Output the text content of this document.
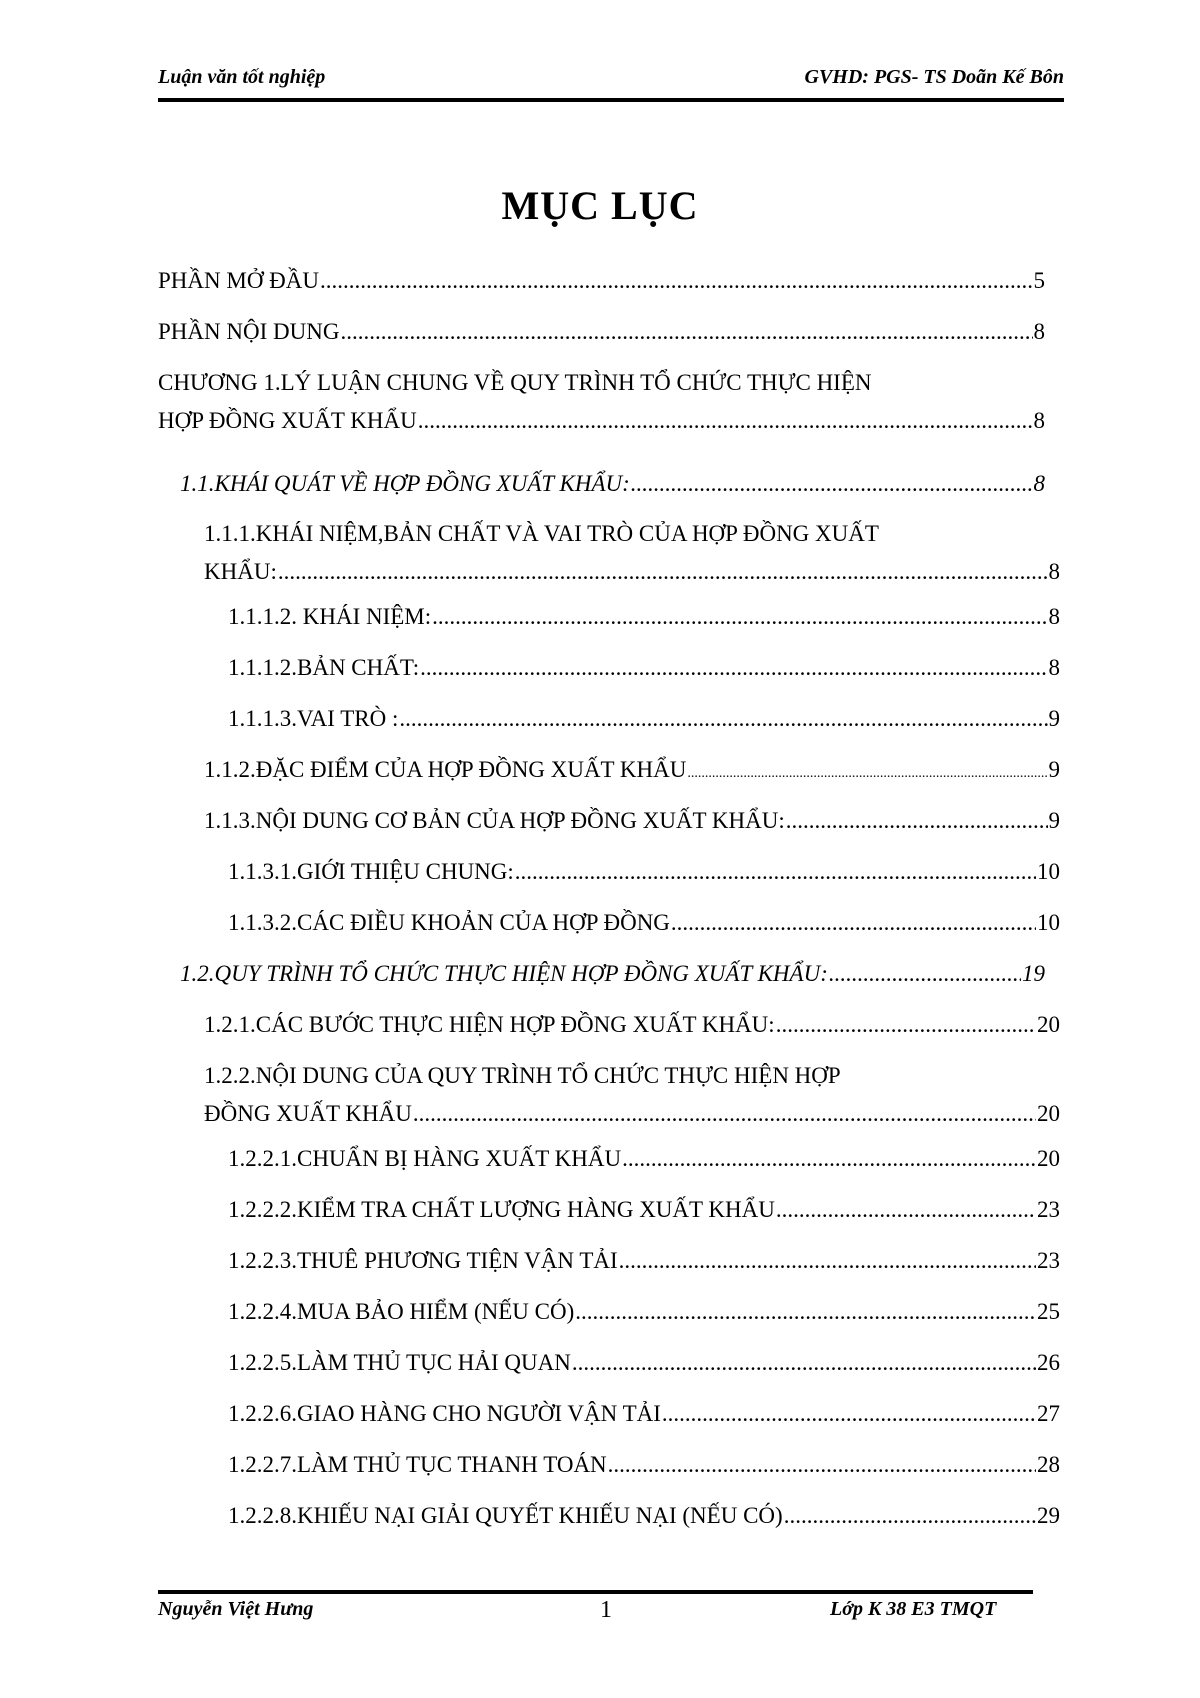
Luận văn tốt nghiệp	GVHD: PGS- TS Doãn Kế Bôn
MỤC LỤC
PHẦN MỞ ĐẦU .....	5
PHẦN NỘI DUNG .....	8
CHƯƠNG 1.LÝ LUẬN CHUNG VỀ QUY TRÌNH TỔ CHỨC THỰC HIỆN
HỢP ĐỒNG XUẤT KHẨU .....	8
1.1.KHÁI QUÁT VỀ HỢP ĐỒNG XUẤT KHẨU: .....	8
1.1.1.KHÁI NIỆM,BẢN CHẤT VÀ VAI TRÒ CỦA HỢP ĐỒNG XUẤT
KHẨU: .....	8
1.1.1.2. KHÁI NIỆM: .....	8
1.1.1.2.BẢN CHẤT: .....	8
1.1.1.3.VAI TRÒ : .....	9
1.1.2.ĐẶC ĐIỂM CỦA HỢP ĐỒNG XUẤT KHẨU .....	9
1.1.3.NỘI DUNG CƠ BẢN CỦA HỢP ĐỒNG XUẤT KHẨU: .....	9
1.1.3.1.GIỚI THIỆU CHUNG: .....	10
1.1.3.2.CÁC ĐIỀU KHOẢN CỦA HỢP ĐỒNG .....	10
1.2.QUY TRÌNH TỔ CHỨC THỰC HIỆN HỢP ĐỒNG XUẤT KHẨU: .....	19
1.2.1.CÁC BƯỚC THỰC HIỆN HỢP ĐỒNG XUẤT KHẨU: .....	20
1.2.2.NỘI DUNG CỦA QUY TRÌNH TỔ CHỨC THỰC HIỆN HỢP
ĐỒNG XUẤT KHẨU .....	20
1.2.2.1.CHUẨN BỊ HÀNG XUẤT KHẨU .....	20
1.2.2.2.KIỂM TRA CHẤT LƯỢNG HÀNG XUẤT KHẨU .....	23
1.2.2.3.THUÊ PHƯƠNG TIỆN VẬN TẢI .....	23
1.2.2.4.MUA BẢO HIỂM (NẾU CÓ) .....	25
1.2.2.5.LÀM THỦ TỤC HẢI QUAN .....	26
1.2.2.6.GIAO HÀNG CHO NGƯỜI VẬN TẢI .....	27
1.2.2.7.LÀM THỦ TỤC THANH TOÁN .....	28
1.2.2.8.KHIẾU NẠI GIẢI QUYẾT KHIẾU NẠI (NẾU CÓ) .....	29
Nguyễn Việt Hưng	1	Lớp K 38 E3 TMQT
